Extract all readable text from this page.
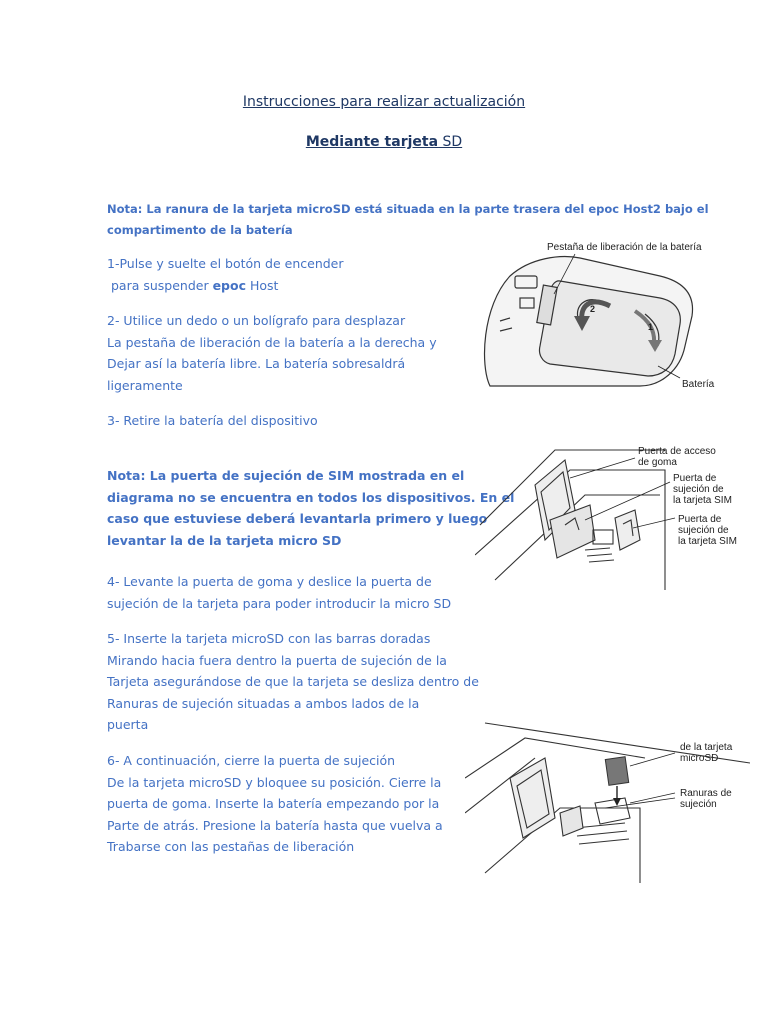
Instrucciones para realizar actualización
Mediante tarjeta SD
Nota: La ranura de la tarjeta microSD está situada en la parte trasera del epoc Host2 bajo el
compartimento de la batería
1-Pulse y suelte el botón de encender
para suspender epoc Host
2- Utilice un dedo o un bolígrafo para desplazar
La pestaña de liberación de la batería a la derecha y
Dejar así la batería libre. La batería sobresaldrá
ligeramente
3- Retire la batería del dispositivo
Nota: La puerta de sujeción de SIM mostrada en el
diagrama no se encuentra en todos los dispositivos. En el
caso que estuviese deberá levantarla primero y luego
levantar la de la tarjeta micro SD
4- Levante la puerta de goma y deslice la puerta de
sujeción de la tarjeta para poder introducir la micro SD
5- Inserte la tarjeta microSD con las barras doradas
Mirando hacia fuera dentro la puerta de sujeción de la
Tarjeta asegurándose de que la tarjeta se desliza dentro de
Ranuras de sujeción situadas a ambos lados de la
puerta
6- A continuación, cierre la puerta de sujeción
De la tarjeta microSD y bloquee su posición. Cierre la
puerta de goma. Inserte la batería empezando por la
Parte de atrás. Presione la batería hasta que vuelva a
Trabarse con las pestañas de liberación
Pestaña de liberación de la batería
Batería
2
1
Puerta de acceso
de goma
Puerta de
sujeción de
la tarjeta SIM
Puerta de
sujeción de
la tarjeta SIM
de la tarjeta
microSD
Ranuras de
sujeción
